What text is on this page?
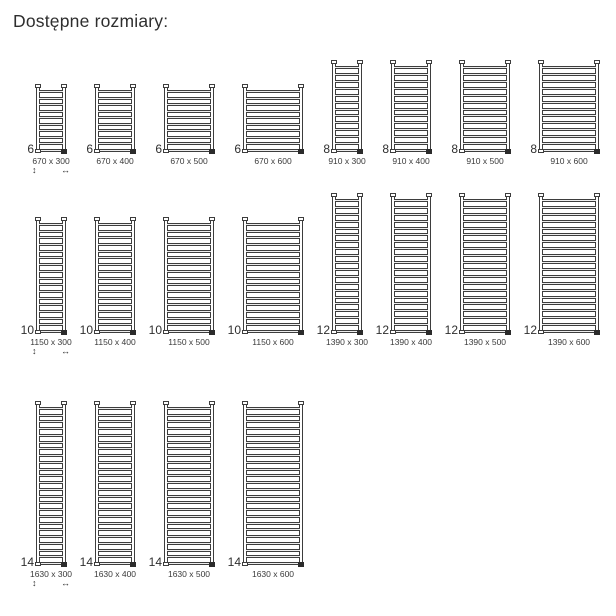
Dostępne rozmiary:
6
670 x 300
↕	↔
6
670 x 400
6
670 x 500
6
670 x 600
8
910 x 300
8
910 x 400
8
910 x 500
8
910 x 600
10
1150 x 300
↕	↔
10
1150 x 400
10
1150 x 500
10
1150 x 600
12
1390 x 300
12
1390 x 400
12
1390 x 500
12
1390 x 600
14
1630 x 300
↕	↔
14
1630 x 400
14
1630 x 500
14
1630 x 600
